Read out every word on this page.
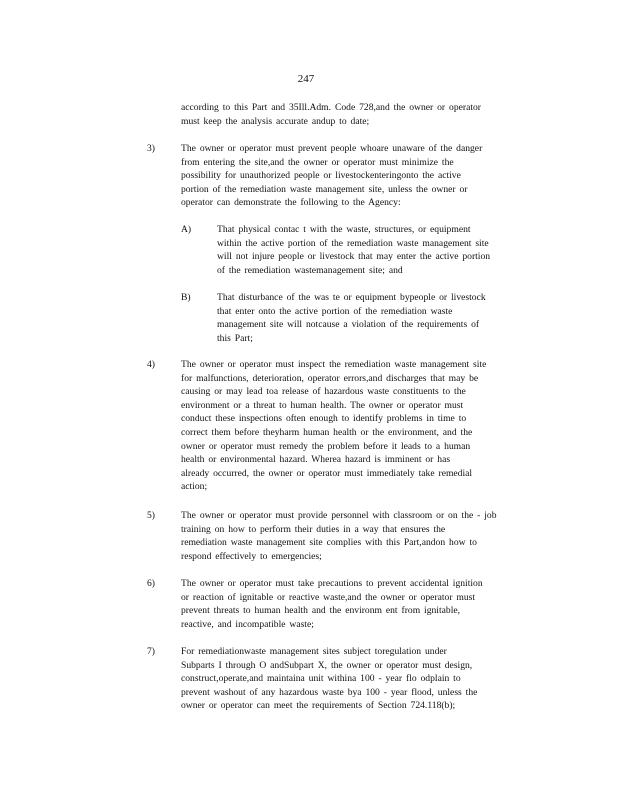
247
according to this Part and 35Ill.Adm. Code 728,and the owner or operator
must keep the analysis accurate andup to date;
3)	The owner or operator must prevent people whoare unaware of the danger
from entering the site,and the owner or operator must minimize the
possibility for unauthorized people or livestockenteringonto the active
portion of the remediation waste management site, unless the owner or
operator can demonstrate the following to the Agency:
A)	That physical contac t with the waste, structures, or equipment
within the active portion of the remediation waste management site
will not injure people or livestock that may enter the active portion
of the remediation wastemanagement site; and
B)	That disturbance of the was te or equipment bypeople or livestock
that enter onto the active portion of the remediation waste
management site will notcause a violation of the requirements of
this Part;
4)	The owner or operator must inspect the remediation waste management site
for malfunctions, deterioration, operator errors,and discharges that may be
causing or may lead toa release of hazardous waste constituents to the
environment or a threat to human health. The owner or operator must
conduct these inspections often enough to identify problems in time to
correct them before theyharm human health or the environment, and the
owner or operator must remedy the problem before it leads to a human
health or environmental hazard. Wherea hazard is imminent or has
already occurred, the owner or operator must immediately take remedial
action;
5)	The owner or operator must provide personnel with classroom or on the - job
training on how to perform their duties in a way that ensures the
remediation waste management site complies with this Part,andon how to
respond effectively to emergencies;
6)	The owner or operator must take precautions to prevent accidental ignition
or reaction of ignitable or reactive waste,and the owner or operator must
prevent threats to human health and the environm ent from ignitable,
reactive, and incompatible waste;
7)	For remediationwaste management sites subject toregulation under
Subparts I through O andSubpart X, the owner or operator must design,
construct,operate,and maintaina unit withina 100 - year flo odplain to
prevent washout of any hazardous waste bya 100 - year flood, unless the
owner or operator can meet the requirements of Section 724.118(b);
